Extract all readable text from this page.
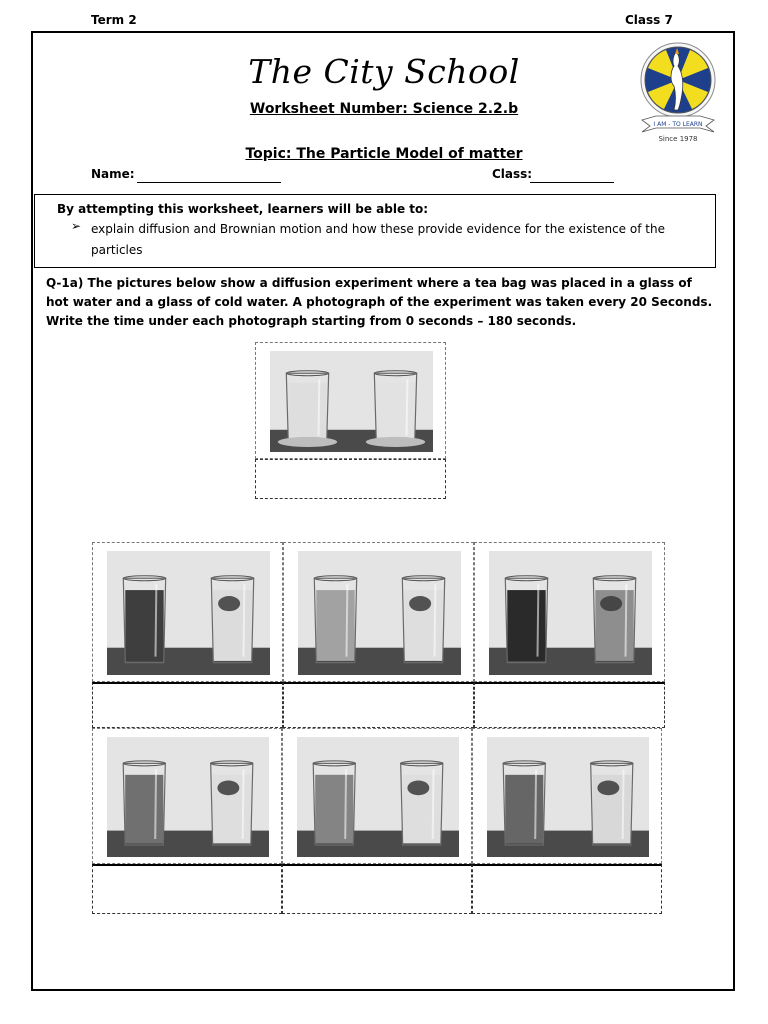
Term 2	Class 7
The City School
Worksheet Number: Science 2.2.b
Topic: The Particle Model of matter
I AM - TO LEARN
Since 1978
Name:	Class:
By attempting this worksheet, learners will be able to:
➢ explain diffusion and Brownian motion and how these provide evidence for the existence of the particles
Q-1a) The pictures below show a diffusion experiment where a tea bag was placed in a glass of hot water and a glass of cold water. A photograph of the experiment was taken every 20 Seconds. Write the time under each photograph starting from 0 seconds – 180 seconds.
